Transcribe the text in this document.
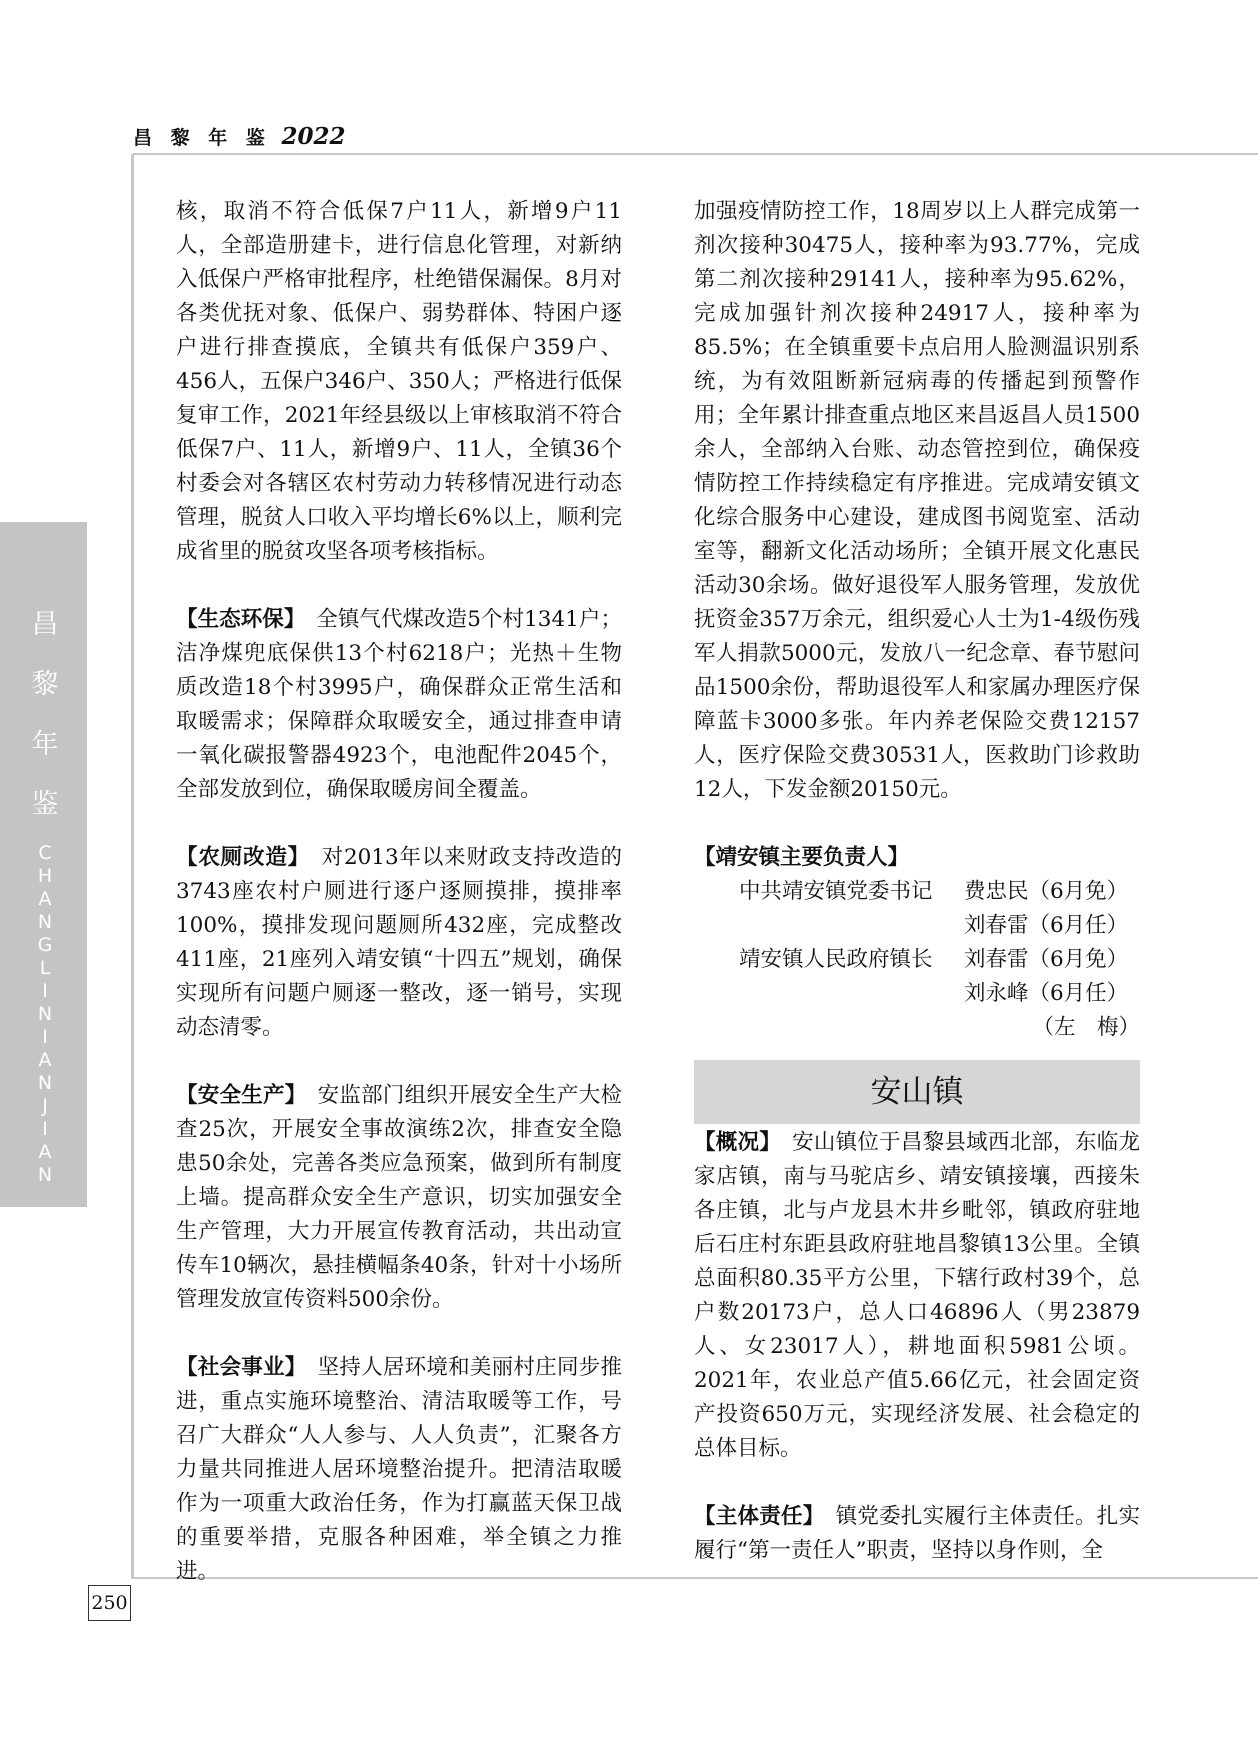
昌 黎 年 鉴 2022
昌
黎
年
鉴
C
H
A
N
G
L
I
N
I
A
N
J
I
A
N

核，取消不符合低保7户11人，新增9户11人，全部造册建卡，进行信息化管理，对新纳入低保户严格审批程序，杜绝错保漏保。8月对各类优抚对象、低保户、弱势群体、特困户逐户进行排查摸底，全镇共有低保户359户、456人，五保户346户、350人；严格进行低保复审工作，2021年经县级以上审核取消不符合低保7户、11人，新增9户、11人，全镇36个村委会对各辖区农村劳动力转移情况进行动态管理，脱贫人口收入平均增长6%以上，顺利完成省里的脱贫攻坚各项考核指标。

【生态环保】　 全镇气代煤改造5个村1341户；洁净煤兜底保供13个村6218户；光热＋生物质改造18个村3995户，确保群众正常生活和取暖需求；保障群众取暖安全，通过排查申请一氧化碳报警器4923个，电池配件2045个，全部发放到位，确保取暖房间全覆盖。

【农厕改造】　 对2013年以来财政支持改造的3743座农村户厕进行逐户逐厕摸排，摸排率100%，摸排发现问题厕所432座，完成整改411座，21座列入靖安镇“十四五”规划，确保实现所有问题户厕逐一整改，逐一销号，实现动态清零。

【安全生产】　 安监部门组织开展安全生产大检查25次，开展安全事故演练2次，排查安全隐患50余处，完善各类应急预案，做到所有制度上墙。提高群众安全生产意识，切实加强安全生产管理，大力开展宣传教育活动，共出动宣传车10辆次，悬挂横幅条40条，针对十小场所管理发放宣传资料500余份。

【社会事业】　 坚持人居环境和美丽村庄同步推进，重点实施环境整治、清洁取暖等工作，号召广大群众“人人参与、人人负责”，汇聚各方力量共同推进人居环境整治提升。把清洁取暖作为一项重大政治任务，作为打赢蓝天保卫战的重要举措，克服各种困难，举全镇之力推进。

加强疫情防控工作，18周岁以上人群完成第一剂次接种30475人，接种率为93.77%，完成第二剂次接种29141人，接种率为95.62%，完成加强针剂次接种24917人，接种率为85.5%；在全镇重要卡点启用人脸测温识别系统，为有效阻断新冠病毒的传播起到预警作用；全年累计排查重点地区来昌返昌人员1500余人，全部纳入台账、动态管控到位，确保疫情防控工作持续稳定有序推进。完成靖安镇文化综合服务中心建设，建成图书阅览室、活动室等，翻新文化活动场所；全镇开展文化惠民活动30余场。做好退役军人服务管理，发放优抚资金357万余元，组织爱心人士为1-4级伤残军人捐款5000元，发放八一纪念章、春节慰问品1500余份，帮助退役军人和家属办理医疗保障蓝卡3000多张。年内养老保险交费12157人，医疗保险交费30531人，医救助门诊救助12人，下发金额20150元。

【靖安镇主要负责人】
中共靖安镇党委书记	费忠民（6月免）
刘春雷（6月任）
靖安镇人民政府镇长	刘春雷（6月免）
刘永峰（6月任）
（左　梅）
安山镇

【概况】　 安山镇位于昌黎县域西北部，东临龙家店镇，南与马驼店乡、靖安镇接壤，西接朱各庄镇，北与卢龙县木井乡毗邻，镇政府驻地后石庄村东距县政府驻地昌黎镇13公里。全镇总面积80.35平方公里，下辖行政村39个，总户数20173户，总人口46896人（男23879人、女23017人），耕地面积5981公顷。2021年，农业总产值5.66亿元，社会固定资产投资650万元，实现经济发展、社会稳定的总体目标。

【主体责任】　 镇党委扎实履行主体责任。扎实履行“第一责任人”职责，坚持以身作则，全

250
